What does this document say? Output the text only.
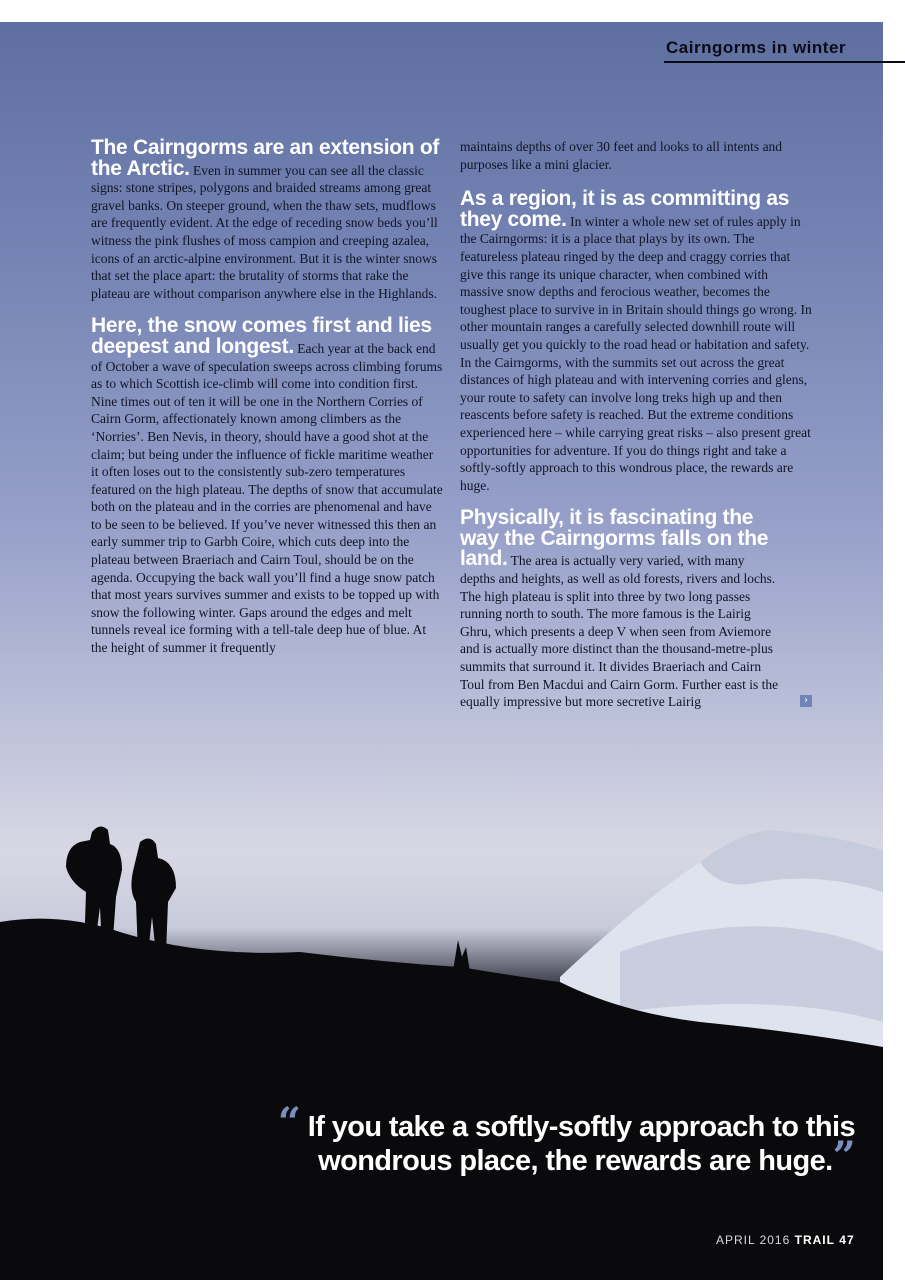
Cairngorms in winter

The Cairngorms are an extension of the Arctic. Even in summer you can see all the classic signs: stone stripes, polygons and braided streams among great gravel banks. On steeper ground, when the thaw sets, mudflows are frequently evident. At the edge of receding snow beds you’ll witness the pink flushes of moss campion and creeping azalea, icons of an arctic-alpine environment. But it is the winter snows that set the place apart: the brutality of storms that rake the plateau are without comparison anywhere else in the Highlands.

Here, the snow comes first and lies deepest and longest. Each year at the back end of October a wave of speculation sweeps across climbing forums as to which Scottish ice-climb will come into condition first. Nine times out of ten it will be one in the Northern Corries of Cairn Gorm, affectionately known among climbers as the ‘Norries’. Ben Nevis, in theory, should have a good shot at the claim; but being under the influence of fickle maritime weather it often loses out to the consistently sub-zero temperatures featured on the high plateau. The depths of snow that accumulate both on the plateau and in the corries are phenomenal and have to be seen to be believed. If you’ve never witnessed this then an early summer trip to Garbh Coire, which cuts deep into the plateau between Braeriach and Cairn Toul, should be on the agenda. Occupying the back wall you’ll find a huge snow patch that most years survives summer and exists to be topped up with snow the following winter. Gaps around the edges and melt tunnels reveal ice forming with a tell-tale deep hue of blue. At the height of summer it frequently

maintains depths of over 30 feet and looks to all intents and purposes like a mini glacier.

As a region, it is as committing as they come. In winter a whole new set of rules apply in the Cairngorms: it is a place that plays by its own. The featureless plateau ringed by the deep and craggy corries that give this range its unique character, when combined with massive snow depths and ferocious weather, becomes the toughest place to survive in in Britain should things go wrong. In other mountain ranges a carefully selected downhill route will usually get you quickly to the road head or habitation and safety. In the Cairngorms, with the summits set out across the great distances of high plateau and with intervening corries and glens, your route to safety can involve long treks high up and then reascents before safety is reached. But the extreme conditions experienced here – while carrying great risks – also present great opportunities for adventure. If you do things right and take a softly-softly approach to this wondrous place, the rewards are huge.

Physically, it is fascinating the way the Cairngorms falls on the land. The area is actually very varied, with many depths and heights, as well as old forests, rivers and lochs. The high plateau is split into three by two long passes running north to south. The more famous is the Lairig Ghru, which presents a deep V when seen from Aviemore and is actually more distinct than the thousand-metre-plus summits that surround it. It divides Braeriach and Cairn Toul from Ben Macdui and Cairn Gorm. Further east is the equally impressive but more secretive Lairig	›

“ If you take a softly-softly approach to this wondrous place, the rewards are huge.”
APRIL 2016 TRAIL 47
